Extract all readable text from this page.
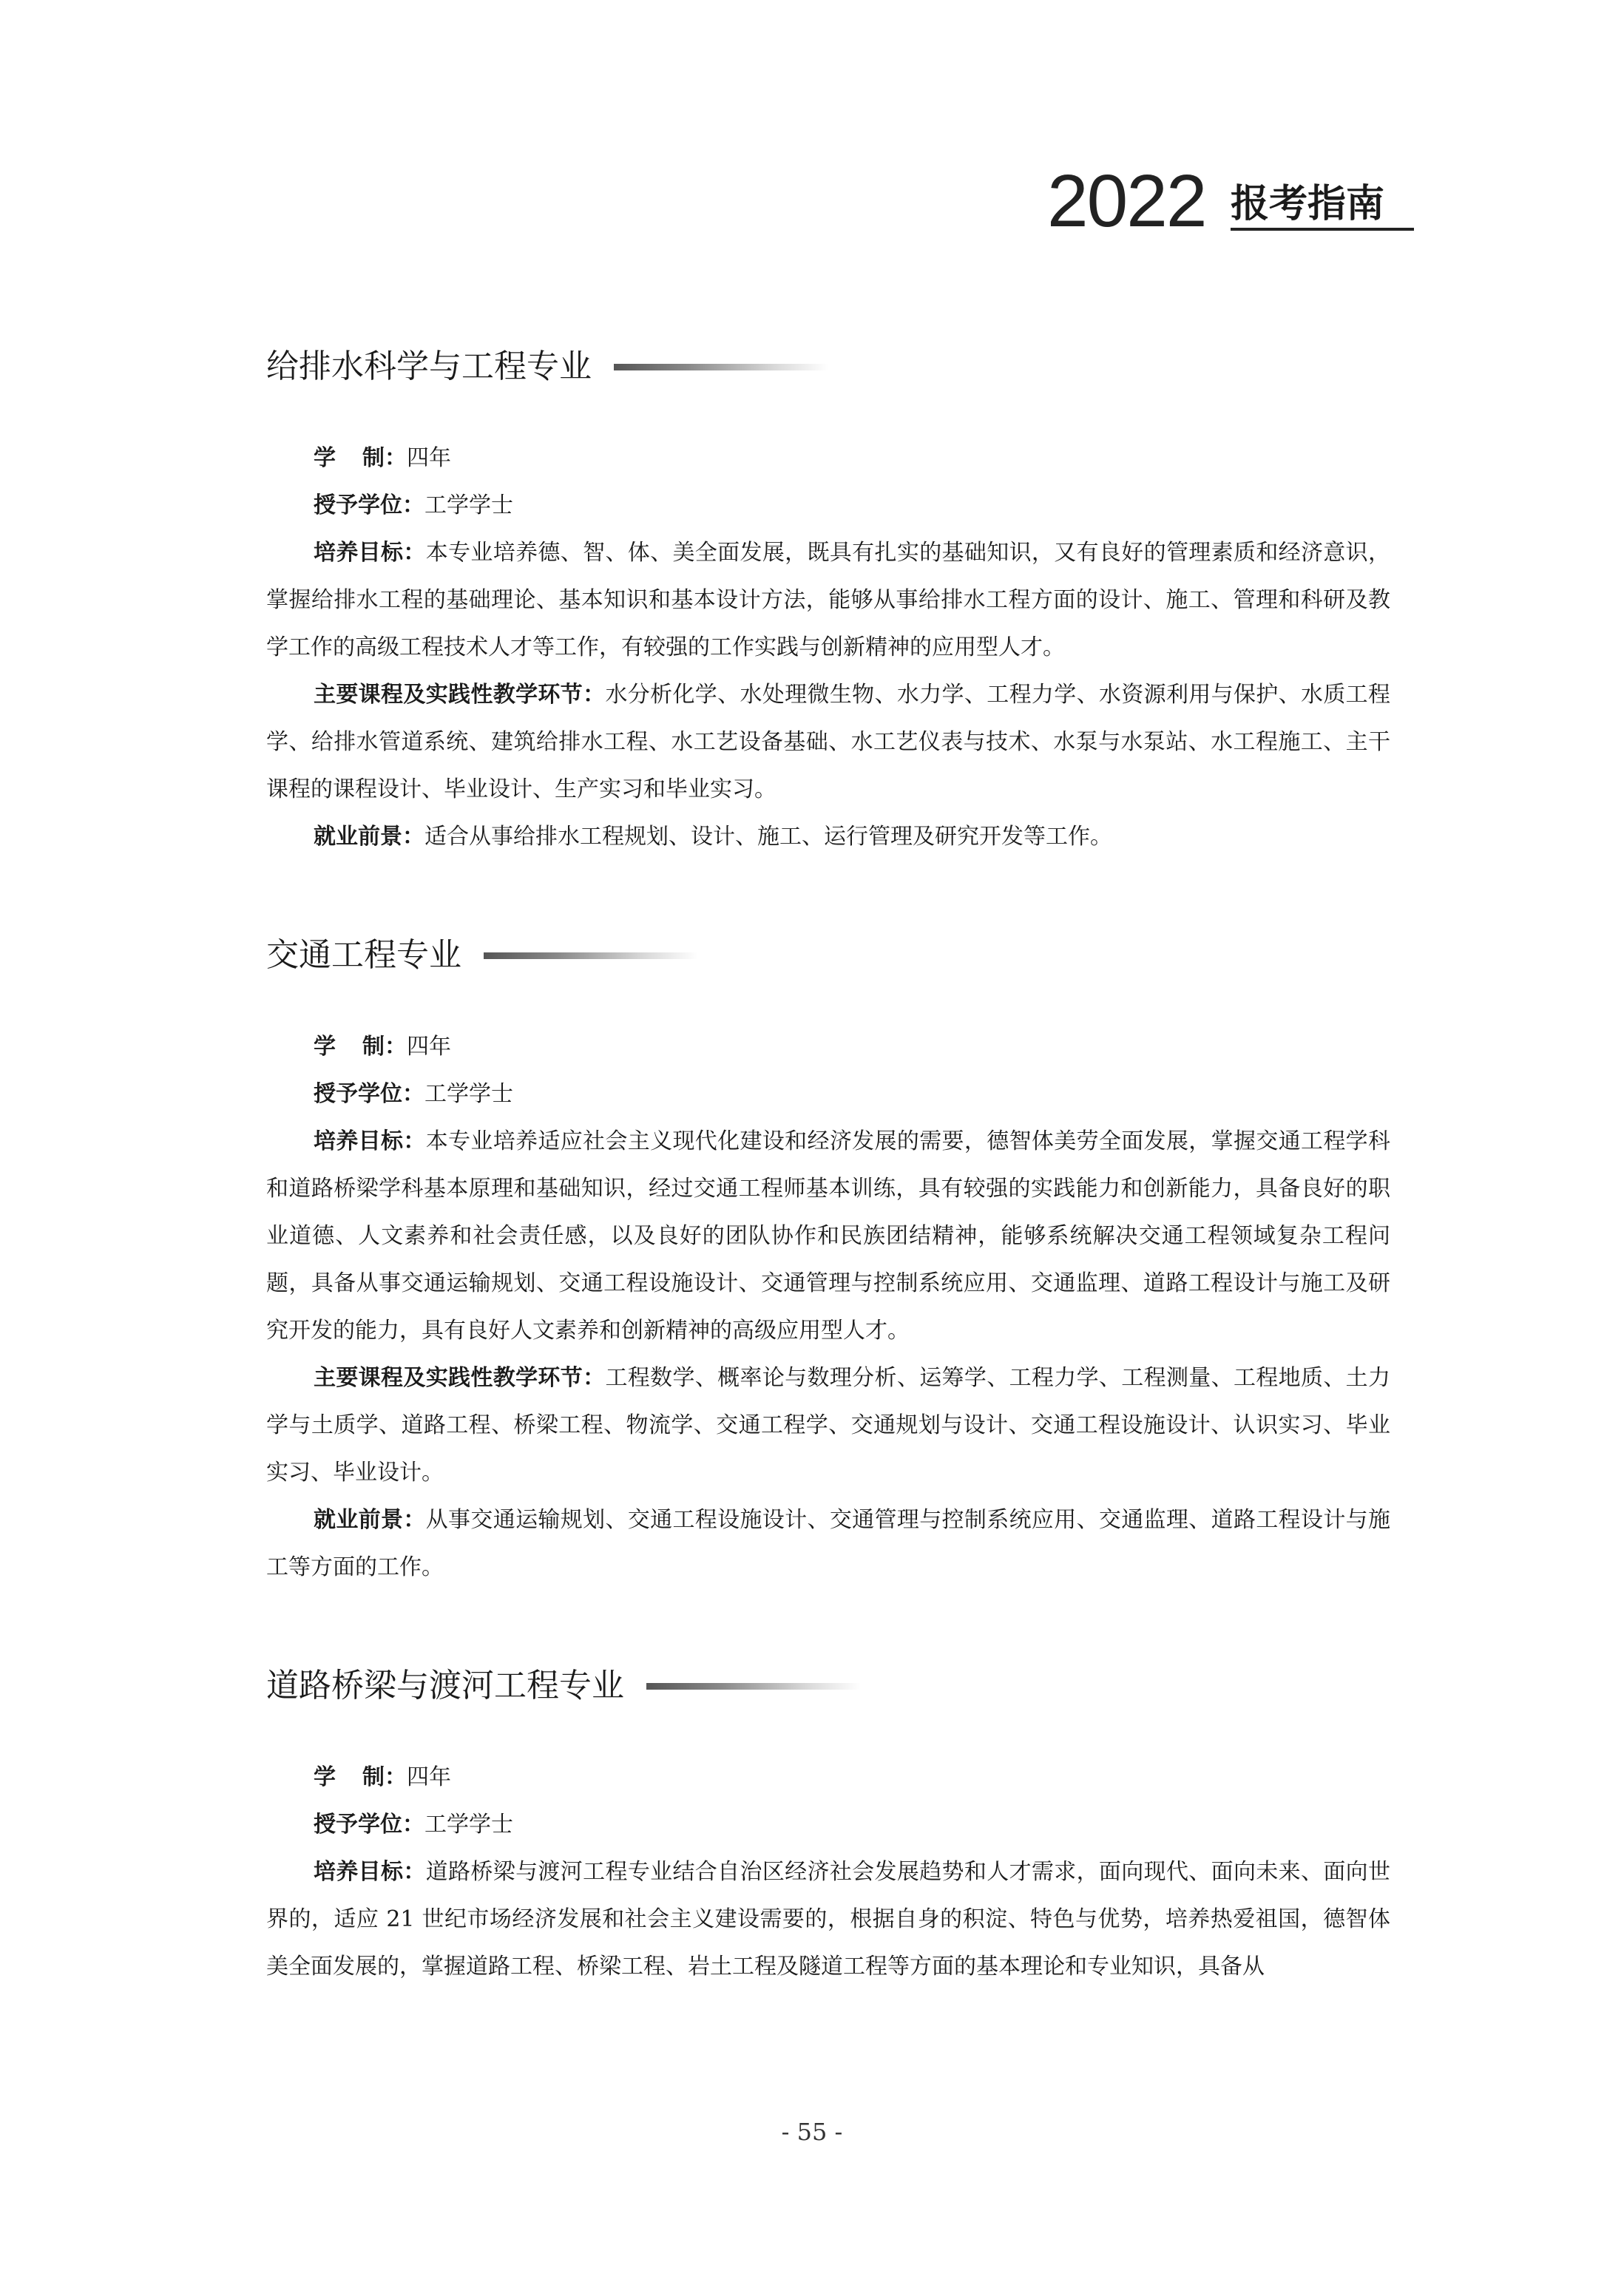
2022 报考指南
给排水科学与工程专业

学制：四年

授予学位：工学学士

培养目标：本专业培养德、智、体、美全面发展，既具有扎实的基础知识，又有良好的管理素质和经济意识，掌握给排水工程的基础理论、基本知识和基本设计方法，能够从事给排水工程方面的设计、施工、管理和科研及教学工作的高级工程技术人才等工作，有较强的工作实践与创新精神的应用型人才。

主要课程及实践性教学环节：水分析化学、水处理微生物、水力学、工程力学、水资源利用与保护、水质工程学、给排水管道系统、建筑给排水工程、水工艺设备基础、水工艺仪表与技术、水泵与水泵站、水工程施工、主干课程的课程设计、毕业设计、生产实习和毕业实习。

就业前景：适合从事给排水工程规划、设计、施工、运行管理及研究开发等工作。

交通工程专业

学制：四年

授予学位：工学学士

培养目标：本专业培养适应社会主义现代化建设和经济发展的需要，德智体美劳全面发展，掌握交通工程学科和道路桥梁学科基本原理和基础知识，经过交通工程师基本训练，具有较强的实践能力和创新能力，具备良好的职业道德、人文素养和社会责任感，以及良好的团队协作和民族团结精神，能够系统解决交通工程领域复杂工程问题，具备从事交通运输规划、交通工程设施设计、交通管理与控制系统应用、交通监理、道路工程设计与施工及研究开发的能力，具有良好人文素养和创新精神的高级应用型人才。

主要课程及实践性教学环节：工程数学、概率论与数理分析、运筹学、工程力学、工程测量、工程地质、土力学与土质学、道路工程、桥梁工程、物流学、交通工程学、交通规划与设计、交通工程设施设计、认识实习、毕业实习、毕业设计。

就业前景：从事交通运输规划、交通工程设施设计、交通管理与控制系统应用、交通监理、道路工程设计与施工等方面的工作。

道路桥梁与渡河工程专业

学制：四年

授予学位：工学学士

培养目标：道路桥梁与渡河工程专业结合自治区经济社会发展趋势和人才需求，面向现代、面向未来、面向世界的，适应 21 世纪市场经济发展和社会主义建设需要的，根据自身的积淀、特色与优势，培养热爱祖国，德智体美全面发展的，掌握道路工程、桥梁工程、岩土工程及隧道工程等方面的基本理论和专业知识，具备从

- 55 -
